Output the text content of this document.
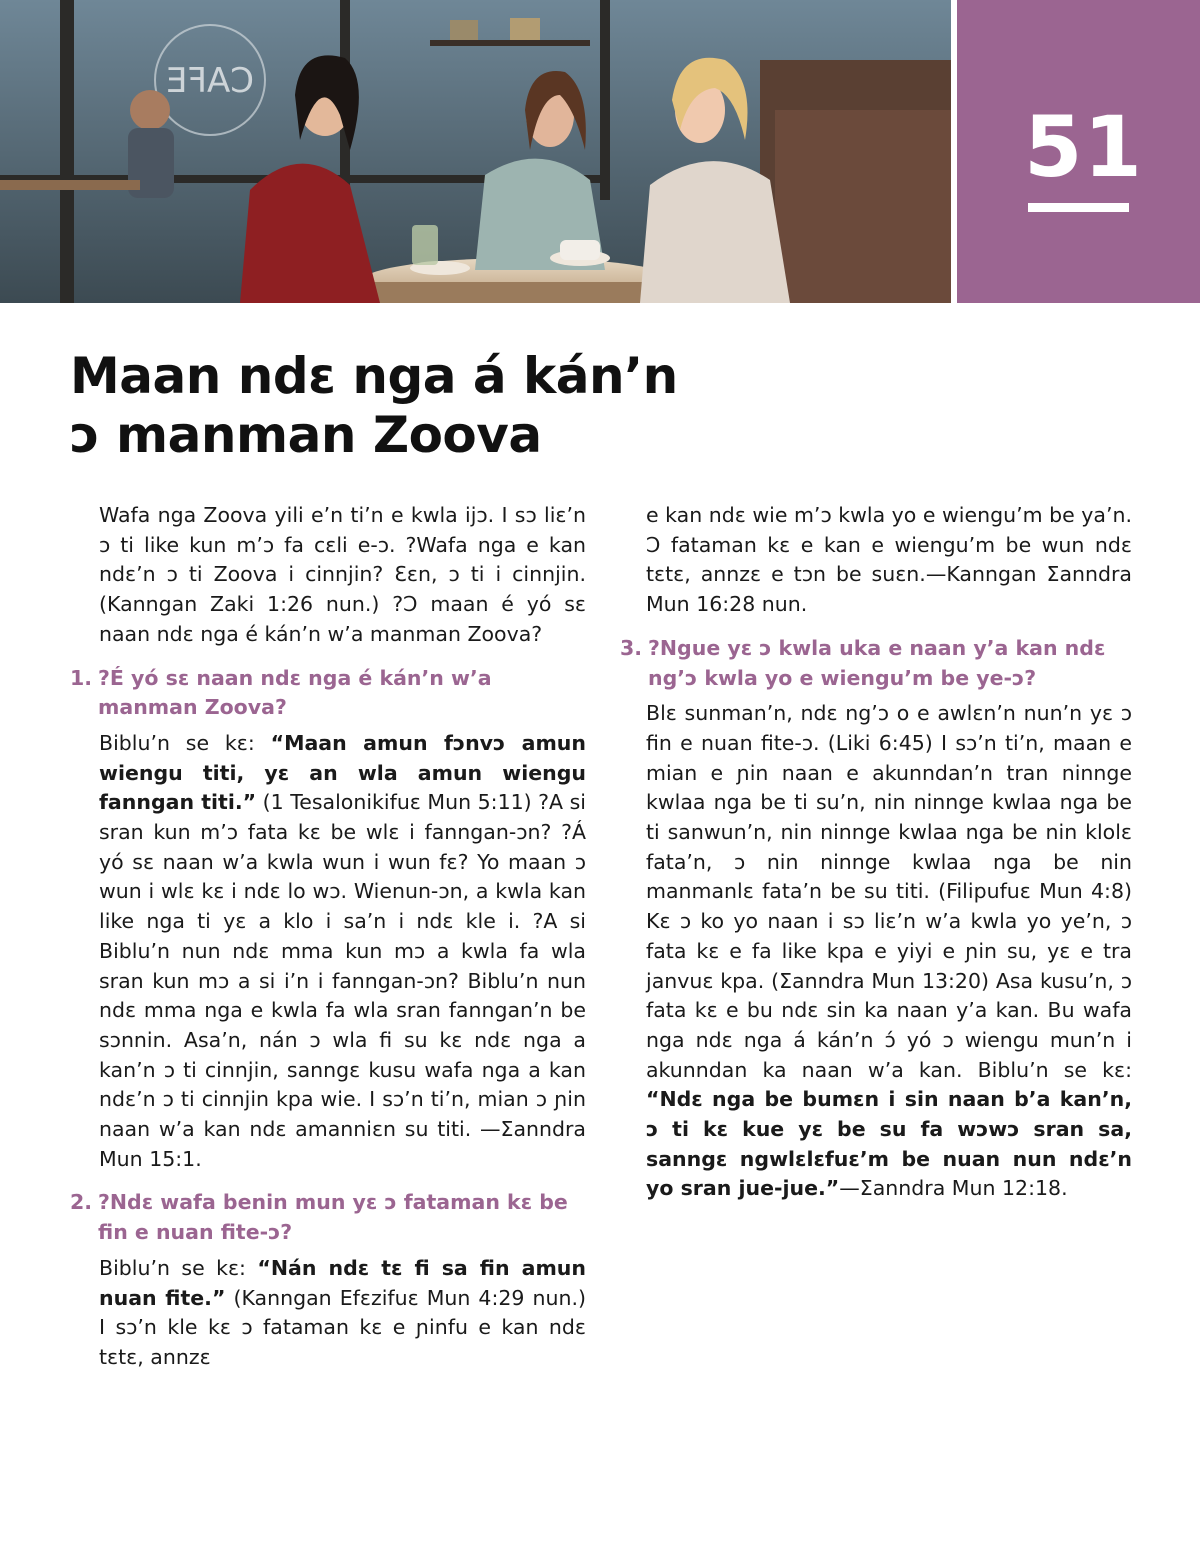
CAFE
51
Maan ndɛ nga á kán’n
ɔ manman Zoova

Wafa nga Zoova yili e’n ti’n e kwla ijɔ. I sɔ liɛ’n ɔ ti like kun m’ɔ fa cɛli e-ɔ. ?Wafa nga e kan ndɛ’n ɔ ti Zoova i cinnjin? Ɛɛn, ɔ ti i cinnjin. (Kanngan Zaki 1:26 nun.) ?Ɔ maan é yó sɛ naan ndɛ nga é kán’n w’a manman Zoova?

1. ?É yó sɛ naan ndɛ nga é kán’n w’a manman Zoova?

Biblu’n se kɛ: “Maan amun fɔnvɔ amun wiengu titi, yɛ an wla amun wiengu fanngan titi.” (1 Tesalonikifuɛ Mun 5:11) ?A si sran kun m’ɔ fata kɛ be wlɛ i fanngan-ɔn? ?Á yó sɛ naan w’a kwla wun i wun fɛ? Yo maan ɔ wun i wlɛ kɛ i ndɛ lo wɔ. Wienun-ɔn, a kwla kan like nga ti yɛ a klo i sa’n i ndɛ kle i. ?A si Biblu’n nun ndɛ mma kun mɔ a kwla fa wla sran kun mɔ a si i’n i fanngan-ɔn? Biblu’n nun ndɛ mma nga e kwla fa wla sran fanngan’n be sɔnnin. Asa’n, nán ɔ wla fi su kɛ ndɛ nga a kan’n ɔ ti cinnjin, sanngɛ kusu wafa nga a kan ndɛ’n ɔ ti cinnjin kpa wie. I sɔ’n ti’n, mian ɔ ɲin naan w’a kan ndɛ amanniɛn su titi. —Ʃanndra Mun 15:1.

2. ?Ndɛ wafa benin mun yɛ ɔ fataman kɛ be fin e nuan fite-ɔ?

Biblu’n se kɛ: “Nán ndɛ tɛ fi sa fin amun nuan fite.” (Kanngan Efɛzifuɛ Mun 4:29 nun.) I sɔ’n kle kɛ ɔ fataman kɛ e ɲinfu e kan ndɛ tɛtɛ, annzɛ

e kan ndɛ wie m’ɔ kwla yo e wiengu’m be ya’n. Ɔ fataman kɛ e kan e wiengu’m be wun ndɛ tɛtɛ, annzɛ e tɔn be suɛn.—Kanngan Ʃanndra Mun 16:28 nun.

3. ?Ngue yɛ ɔ kwla uka e naan y’a kan ndɛ ng’ɔ kwla yo e wiengu’m be ye-ɔ?

Blɛ sunman’n, ndɛ ng’ɔ o e awlɛn’n nun’n yɛ ɔ fin e nuan fite-ɔ. (Liki 6:45) I sɔ’n ti’n, maan e mian e ɲin naan e akunndan’n tran ninnge kwlaa nga be ti su’n, nin ninnge kwlaa nga be ti sanwun’n, nin ninnge kwlaa nga be nin klolɛ fata’n, ɔ nin ninnge kwlaa nga be nin manmanlɛ fata’n be su titi. (Filipufuɛ Mun 4:8) Kɛ ɔ ko yo naan i sɔ liɛ’n w’a kwla yo ye’n, ɔ fata kɛ e fa like kpa e yiyi e ɲin su, yɛ e tra janvuɛ kpa. (Ʃanndra Mun 13:20) Asa kusu’n, ɔ fata kɛ e bu ndɛ sin ka naan y’a kan. Bu wafa nga ndɛ nga á kán’n ɔ́ yó ɔ wiengu mun’n i akunndan ka naan w’a kan. Biblu’n se kɛ: “Ndɛ nga be bumɛn i sin naan b’a kan’n, ɔ ti kɛ kue yɛ be su fa wɔwɔ sran sa, sanngɛ ngwlɛlɛfuɛ’m be nuan nun ndɛ’n yo sran jue-jue.”—Ʃanndra Mun 12:18.
